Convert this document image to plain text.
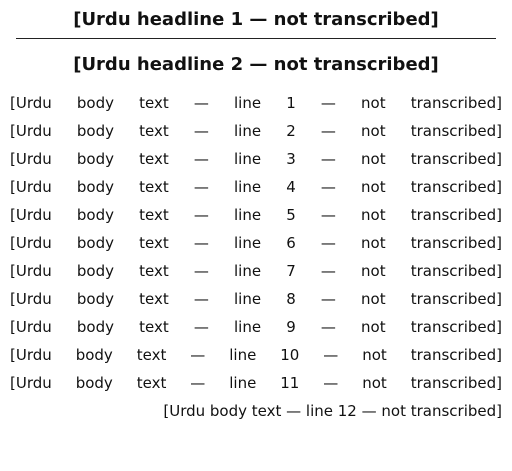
[Urdu headline 1 — not transcribed]
[Urdu headline 2 — not transcribed]
[Urdu body text — line 1 — not transcribed]
[Urdu body text — line 2 — not transcribed]
[Urdu body text — line 3 — not transcribed]
[Urdu body text — line 4 — not transcribed]
[Urdu body text — line 5 — not transcribed]
[Urdu body text — line 6 — not transcribed]
[Urdu body text — line 7 — not transcribed]
[Urdu body text — line 8 — not transcribed]
[Urdu body text — line 9 — not transcribed]
[Urdu body text — line 10 — not transcribed]
[Urdu body text — line 11 — not transcribed]
[Urdu body text — line 12 — not transcribed]
